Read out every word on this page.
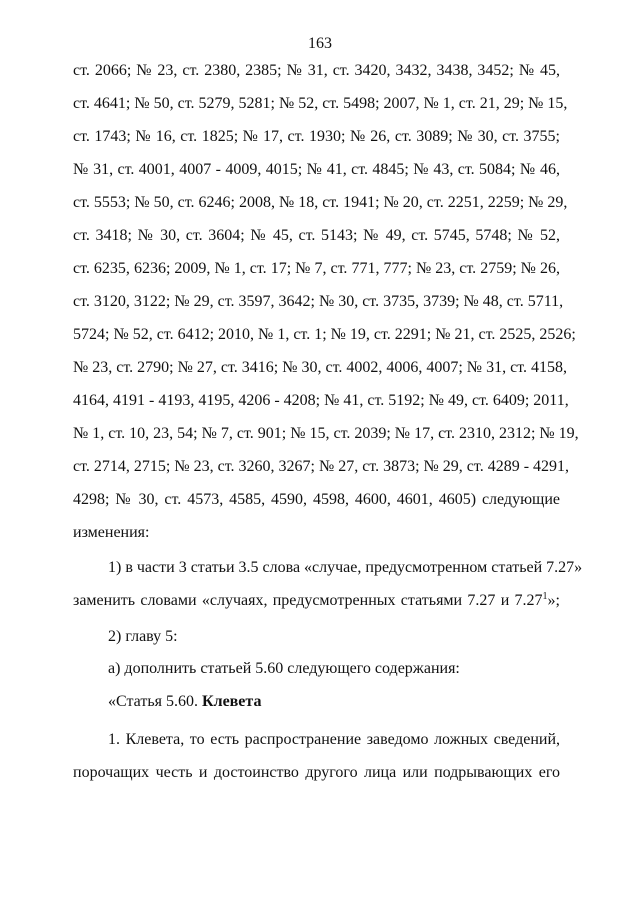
163
ст. 2066; № 23, ст. 2380, 2385; № 31, ст. 3420, 3432, 3438, 3452; № 45,
ст. 4641; № 50, ст. 5279, 5281; № 52, ст. 5498; 2007, № 1, ст. 21, 29; № 15,
ст. 1743; № 16, ст. 1825; № 17, ст. 1930; № 26, ст. 3089; № 30, ст. 3755;
№ 31, ст. 4001, 4007 - 4009, 4015; № 41, ст. 4845; № 43, ст. 5084; № 46,
ст. 5553; № 50, ст. 6246; 2008, № 18, ст. 1941; № 20, ст. 2251, 2259; № 29,
ст. 3418; № 30, ст. 3604; № 45, ст. 5143; № 49, ст. 5745, 5748; № 52,
ст. 6235, 6236; 2009, № 1, ст. 17; № 7, ст. 771, 777; № 23, ст. 2759; № 26,
ст. 3120, 3122; № 29, ст. 3597, 3642; № 30, ст. 3735, 3739; № 48, ст. 5711,
5724; № 52, ст. 6412; 2010, № 1, ст. 1; № 19, ст. 2291; № 21, ст. 2525, 2526;
№ 23, ст. 2790; № 27, ст. 3416; № 30, ст. 4002, 4006, 4007; № 31, ст. 4158,
4164, 4191 - 4193, 4195, 4206 - 4208; № 41, ст. 5192; № 49, ст. 6409; 2011,
№ 1, ст. 10, 23, 54; № 7, ст. 901; № 15, ст. 2039; № 17, ст. 2310, 2312; № 19,
ст. 2714, 2715; № 23, ст. 3260, 3267; № 27, ст. 3873; № 29, ст. 4289 - 4291,
4298; № 30, ст. 4573, 4585, 4590, 4598, 4600, 4601, 4605) следующие
изменения:
1) в части 3 статьи 3.5 слова «случае, предусмотренном статьей 7.27»
заменить словами «случаях, предусмотренных статьями 7.27 и 7.27$^1$»;
2) главу 5:
а) дополнить статьей 5.60 следующего содержания:
«Статья 5.60. Клевета
1. Клевета, то есть распространение заведомо ложных сведений,
порочащих честь и достоинство другого лица или подрывающих его
